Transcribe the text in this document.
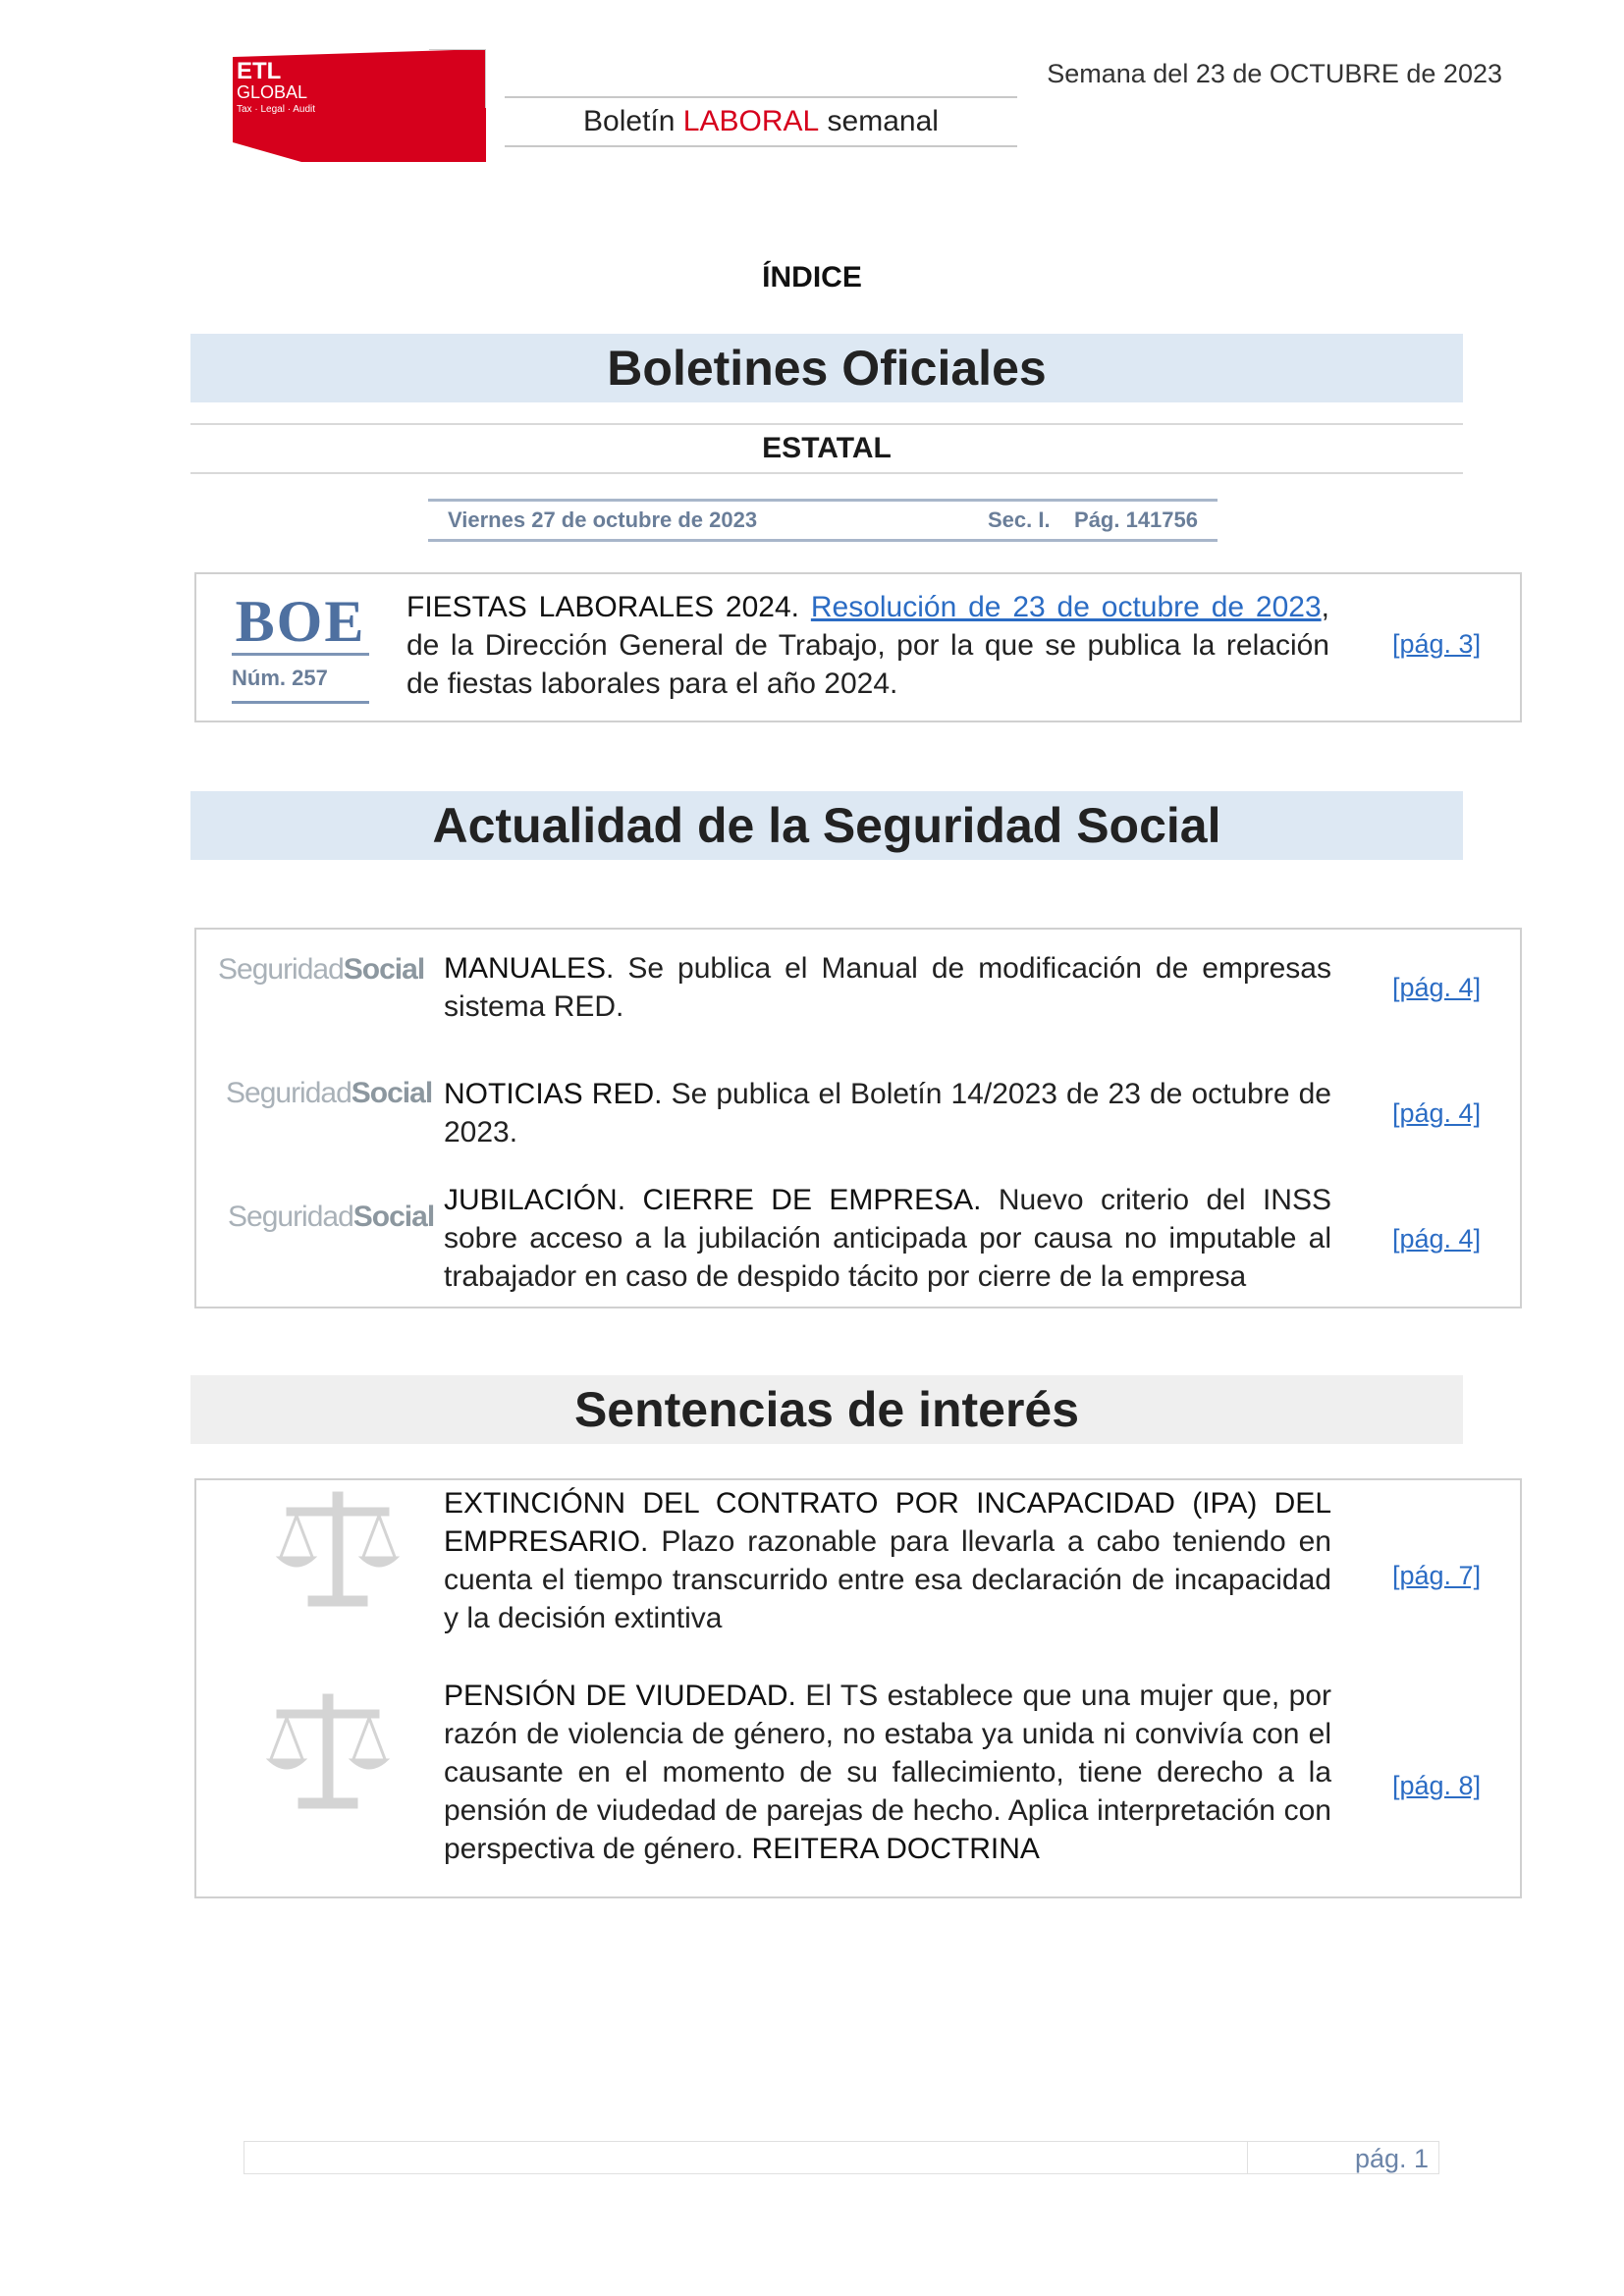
ETL
GLOBAL
Tax · Legal · Audit
Semana del 23 de OCTUBRE de 2023
Boletín
LABORAL
semanal
ÍNDICE
Boletines Oficiales
ESTATAL
Viernes 27 de octubre de 2023	Sec. I. Pág. 141756
BOE
Núm. 257
FIESTAS LABORALES 2024. Resolución de 23 de octubre de 2023, de la Dirección General de Trabajo, por la que se publica la relación de fiestas laborales para el año 2024.
[pág. 3]
Actualidad de la Seguridad Social
SeguridadSocial MANUALES. Se publica el Manual de modificación de empresas sistema RED.
[pág. 4]
SeguridadSocial NOTICIAS RED. Se publica el Boletín 14/2023 de 23 de octubre de 2023.
[pág. 4]
SeguridadSocial
JUBILACIÓN. CIERRE DE EMPRESA. Nuevo criterio del INSS sobre acceso a la jubilación anticipada por causa no imputable al trabajador en caso de despido tácito por cierre de la empresa
[pág. 4]
Sentencias de interés
EXTINCIÓNN DEL CONTRATO POR INCAPACIDAD (IPA) DEL EMPRESARIO. Plazo razonable para llevarla a cabo teniendo en cuenta el tiempo transcurrido entre esa declaración de incapacidad y la decisión extintiva
[pág. 7]
PENSIÓN DE VIUDEDAD. El TS establece que una mujer que, por razón de violencia de género, no estaba ya unida ni convivía con el causante en el momento de su fallecimiento, tiene derecho a la pensión de viudedad de parejas de hecho. Aplica interpretación con perspectiva de género. REITERA DOCTRINA
[pág. 8]
pág. 1
